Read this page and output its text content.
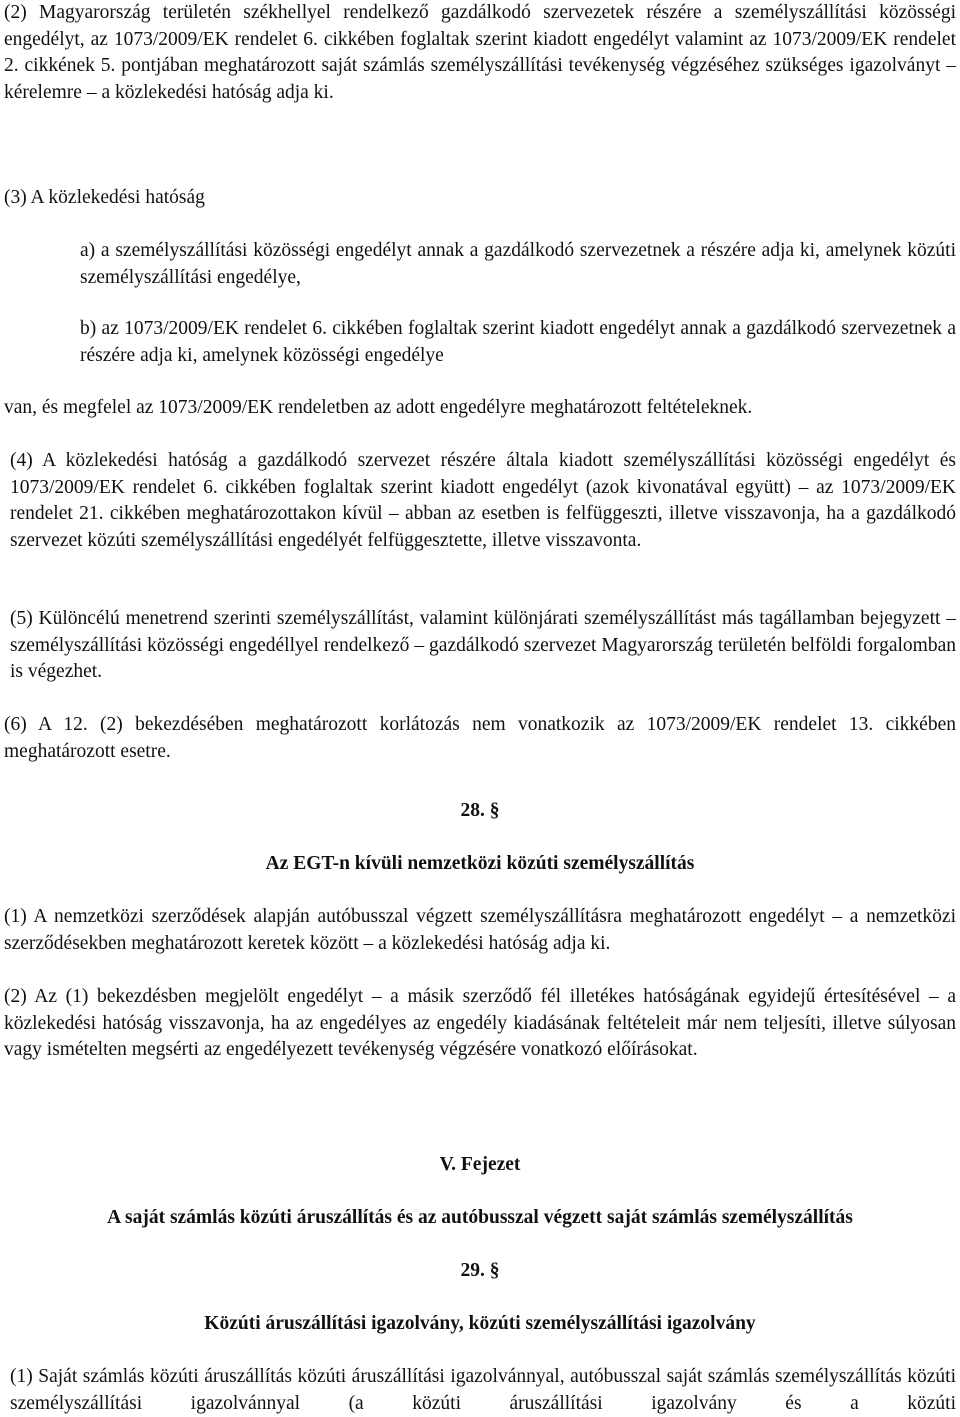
(2) Magyarország területén székhellyel rendelkező gazdálkodó szervezetek részére a személyszállítási közösségi engedélyt, az 1073/2009/EK rendelet 6. cikkében foglaltak szerint kiadott engedélyt valamint az 1073/2009/EK rendelet 2. cikkének 5. pontjában meghatározott saját számlás személyszállítási tevékenység végzéséhez szükséges igazolványt – kérelemre – a közlekedési hatóság adja ki.

(3) A közlekedési hatóság

a) a személyszállítási közösségi engedélyt annak a gazdálkodó szervezetnek a részére adja ki, amelynek közúti személyszállítási engedélye,

b) az 1073/2009/EK rendelet 6. cikkében foglaltak szerint kiadott engedélyt annak a gazdálkodó szervezetnek a részére adja ki, amelynek közösségi engedélye

van, és megfelel az 1073/2009/EK rendeletben az adott engedélyre meghatározott feltételeknek.

(4) A közlekedési hatóság a gazdálkodó szervezet részére általa kiadott személyszállítási közösségi engedélyt és 1073/2009/EK rendelet 6. cikkében foglaltak szerint kiadott engedélyt (azok kivonatával együtt) – az 1073/2009/EK rendelet 21. cikkében meghatározottakon kívül – abban az esetben is felfüggeszti, illetve visszavonja, ha a gazdálkodó szervezet közúti személyszállítási engedélyét felfüggesztette, illetve visszavonta.

(5) Különcélú menetrend szerinti személyszállítást, valamint különjárati személyszállítást más tagállamban bejegyzett – személyszállítási közösségi engedéllyel rendelkező – gazdálkodó szervezet Magyarország területén belföldi forgalomban is végezhet.

(6) A 12. (2) bekezdésében meghatározott korlátozás nem vonatkozik az 1073/2009/EK rendelet 13. cikkében meghatározott esetre.

28. §
Az EGT-n kívüli nemzetközi közúti személyszállítás

(1) A nemzetközi szerződések alapján autóbusszal végzett személyszállításra meghatározott engedélyt – a nemzetközi szerződésekben meghatározott keretek között – a közlekedési hatóság adja ki.

(2) Az (1) bekezdésben megjelölt engedélyt – a másik szerződő fél illetékes hatóságának egyidejű értesítésével – a közlekedési hatóság visszavonja, ha az engedélyes az engedély kiadásának feltételeit már nem teljesíti, illetve súlyosan vagy ismételten megsérti az engedélyezett tevékenység végzésére vonatkozó előírásokat.

V. Fejezet
A saját számlás közúti áruszállítás és az autóbusszal végzett saját számlás személyszállítás
29. §
Közúti áruszállítási igazolvány, közúti személyszállítási igazolvány

(1) Saját számlás közúti áruszállítás közúti áruszállítási igazolvánnyal, autóbusszal saját számlás személyszállítás közúti személyszállítási igazolvánnyal (a közúti áruszállítási igazolvány és a közúti
